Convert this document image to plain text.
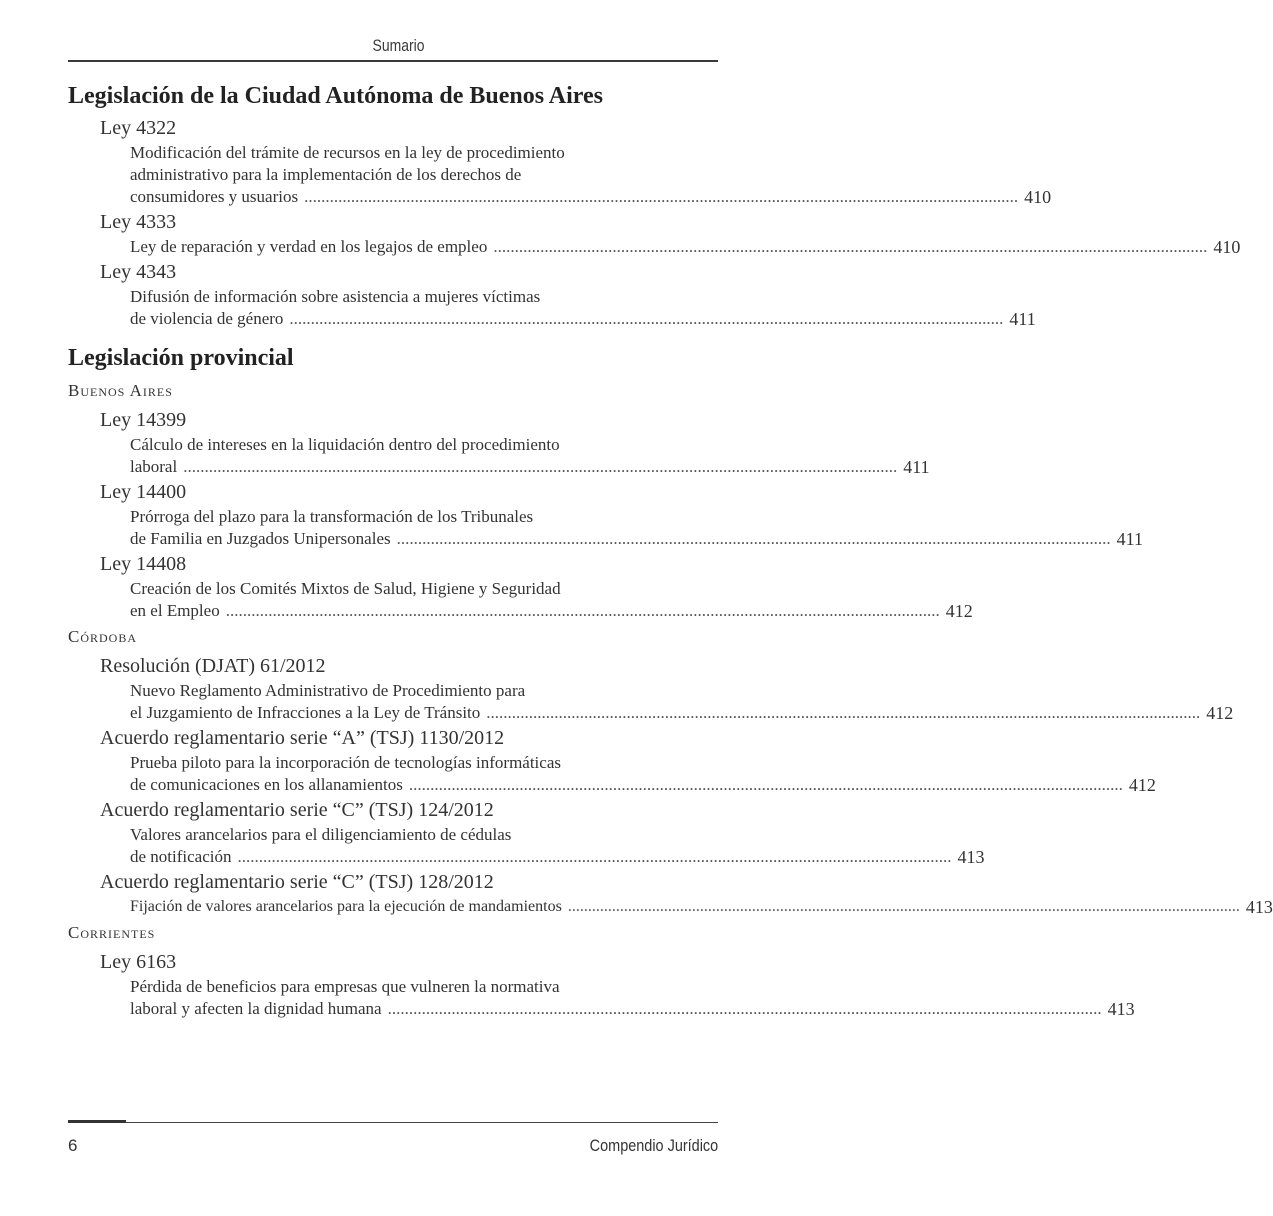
Sumario
Legislación de la Ciudad Autónoma de Buenos Aires
Ley 4322
Modificación del trámite de recursos en la ley de procedimiento
administrativo para la implementación de los derechos de
consumidores y usuarios .....	410
Ley 4333
Ley de reparación y verdad en los legajos de empleo .....	410
Ley 4343
Difusión de información sobre asistencia a mujeres víctimas
de violencia de género .....	411
Legislación provincial
Buenos Aires
Ley 14399
Cálculo de intereses en la liquidación dentro del procedimiento
laboral .....	411
Ley 14400
Prórroga del plazo para la transformación de los Tribunales
de Familia en Juzgados Unipersonales .....	411
Ley 14408
Creación de los Comités Mixtos de Salud, Higiene y Seguridad
en el Empleo .....	412
Córdoba
Resolución (DJAT) 61/2012
Nuevo Reglamento Administrativo de Procedimiento para
el Juzgamiento de Infracciones a la Ley de Tránsito .....	412
Acuerdo reglamentario serie “A” (TSJ) 1130/2012
Prueba piloto para la incorporación de tecnologías informáticas
de comunicaciones en los allanamientos .....	412
Acuerdo reglamentario serie “C” (TSJ) 124/2012
Valores arancelarios para el diligenciamiento de cédulas
de notificación .....	413
Acuerdo reglamentario serie “C” (TSJ) 128/2012
Fijación de valores arancelarios para la ejecución de mandamientos .....	413
Corrientes
Ley 6163
Pérdida de beneficios para empresas que vulneren la normativa
laboral y afecten la dignidad humana .....	413
6	Compendio Jurídico
